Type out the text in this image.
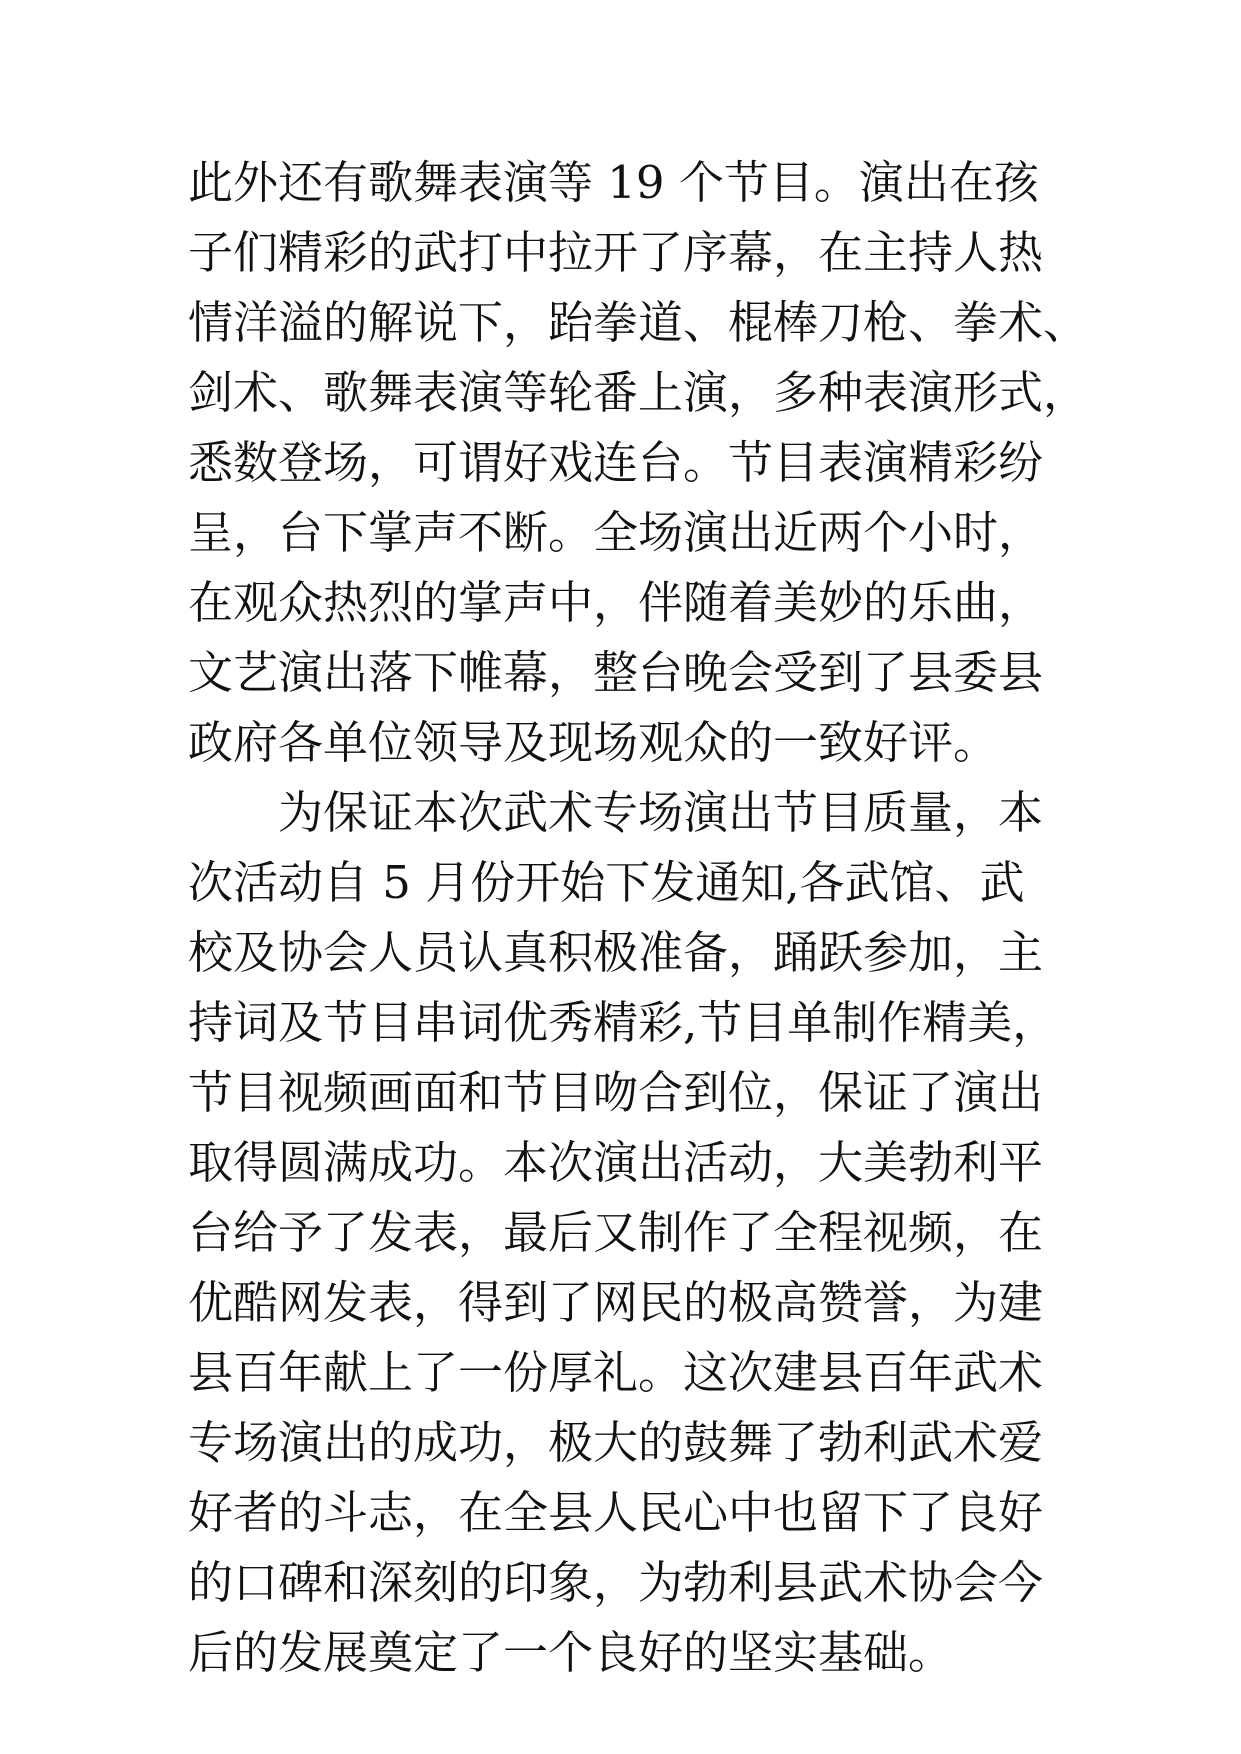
此外还有歌舞表演等 19 个节目。演出在孩
子们精彩的武打中拉开了序幕，在主持人热
情洋溢的解说下，跆拳道、棍棒刀枪、拳术、
剑术、歌舞表演等轮番上演，多种表演形式，
悉数登场，可谓好戏连台。节目表演精彩纷
呈，台下掌声不断。全场演出近两个小时，
在观众热烈的掌声中，伴随着美妙的乐曲，
文艺演出落下帷幕，整台晚会受到了县委县
政府各单位领导及现场观众的一致好评。
为保证本次武术专场演出节目质量，本
次活动自 5 月份开始下发通知,各武馆、武
校及协会人员认真积极准备，踊跃参加，主
持词及节目串词优秀精彩,节目单制作精美，
节目视频画面和节目吻合到位，保证了演出
取得圆满成功。本次演出活动，大美勃利平
台给予了发表，最后又制作了全程视频，在
优酷网发表，得到了网民的极高赞誉，为建
县百年献上了一份厚礼。这次建县百年武术
专场演出的成功，极大的鼓舞了勃利武术爱
好者的斗志，在全县人民心中也留下了良好
的口碑和深刻的印象，为勃利县武术协会今
后的发展奠定了一个良好的坚实基础。
